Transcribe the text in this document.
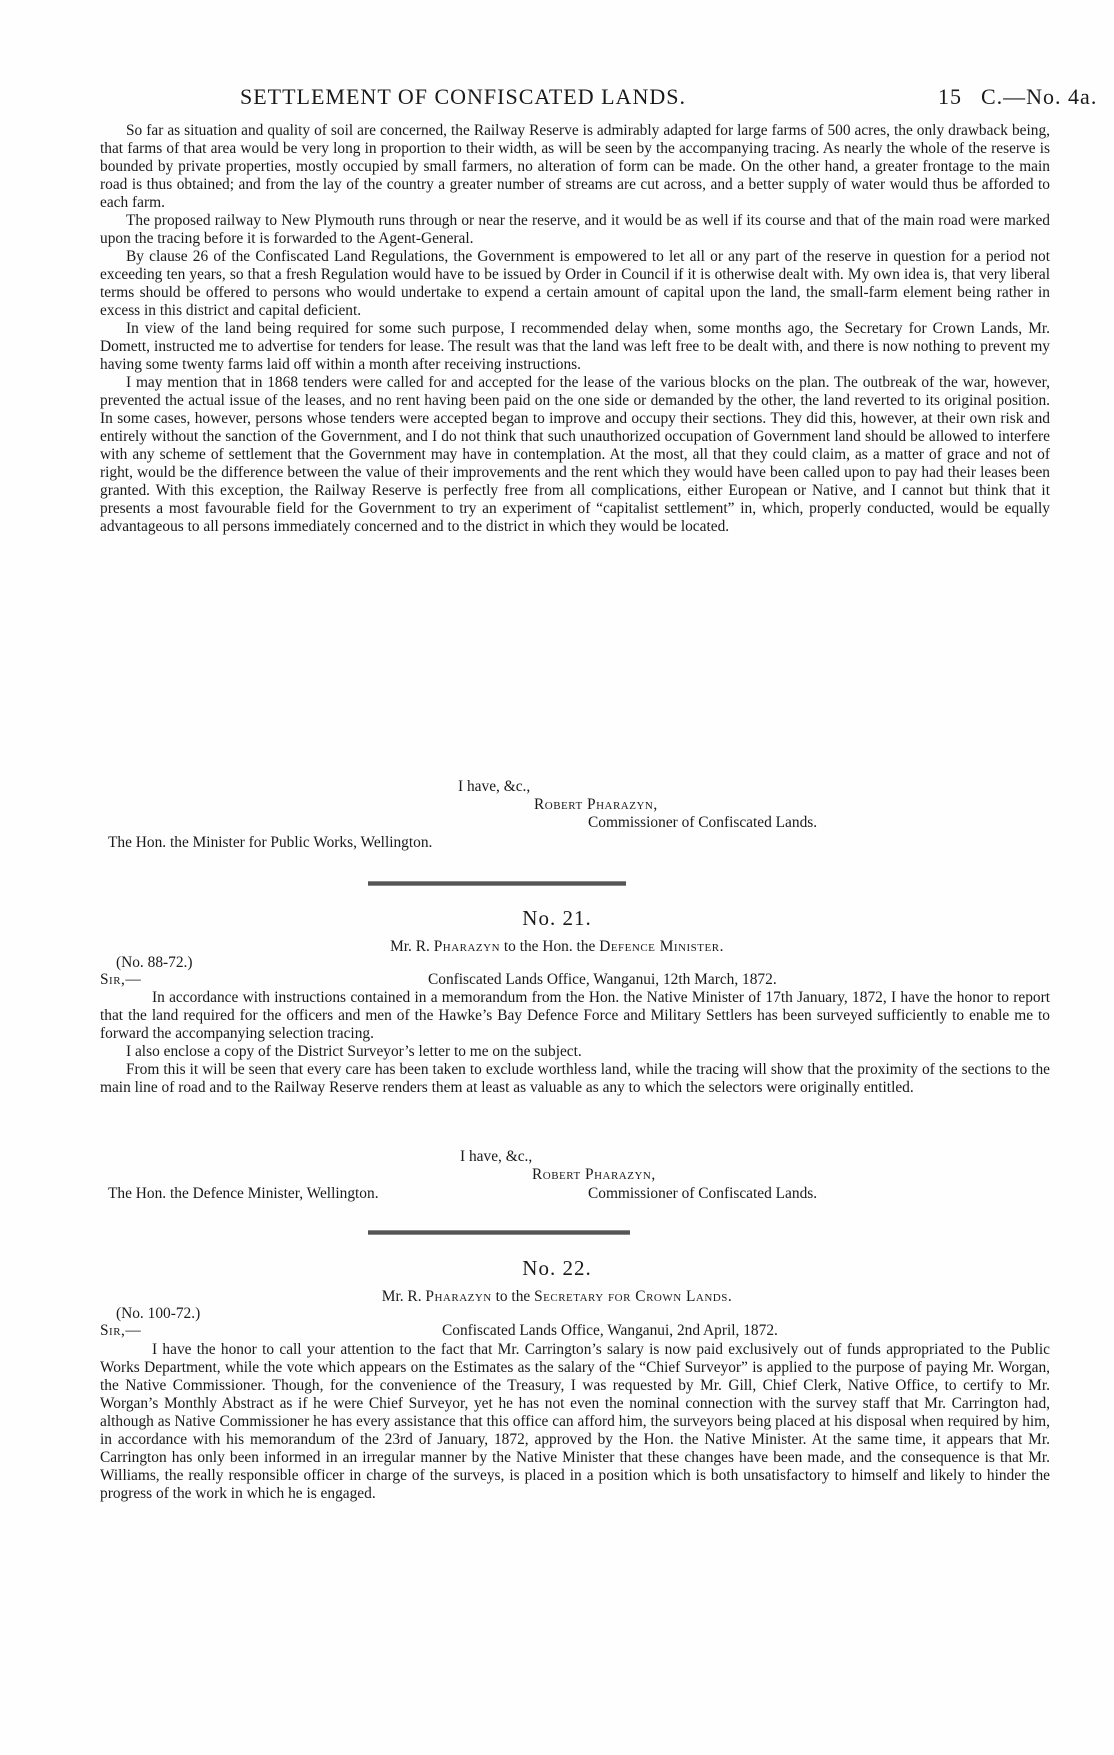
SETTLEMENT OF CONFISCATED LANDS.	15 C.—No. 4a.

So far as situation and quality of soil are concerned, the Railway Reserve is admirably adapted for large farms of 500 acres, the only drawback being, that farms of that area would be very long in proportion to their width, as will be seen by the accompanying tracing. As nearly the whole of the reserve is bounded by private properties, mostly occupied by small farmers, no alteration of form can be made. On the other hand, a greater frontage to the main road is thus obtained; and from the lay of the country a greater number of streams are cut across, and a better supply of water would thus be afforded to each farm.

The proposed railway to New Plymouth runs through or near the reserve, and it would be as well if its course and that of the main road were marked upon the tracing before it is forwarded to the Agent-General.

By clause 26 of the Confiscated Land Regulations, the Government is empowered to let all or any part of the reserve in question for a period not exceeding ten years, so that a fresh Regulation would have to be issued by Order in Council if it is otherwise dealt with. My own idea is, that very liberal terms should be offered to persons who would undertake to expend a certain amount of capital upon the land, the small-farm element being rather in excess in this district and capital deficient.

In view of the land being required for some such purpose, I recommended delay when, some months ago, the Secretary for Crown Lands, Mr. Domett, instructed me to advertise for tenders for lease. The result was that the land was left free to be dealt with, and there is now nothing to prevent my having some twenty farms laid off within a month after receiving instructions.

I may mention that in 1868 tenders were called for and accepted for the lease of the various blocks on the plan. The outbreak of the war, however, prevented the actual issue of the leases, and no rent having been paid on the one side or demanded by the other, the land reverted to its original position. In some cases, however, persons whose tenders were accepted began to improve and occupy their sections. They did this, however, at their own risk and entirely without the sanction of the Government, and I do not think that such unauthorized occupation of Government land should be allowed to interfere with any scheme of settlement that the Government may have in contemplation. At the most, all that they could claim, as a matter of grace and not of right, would be the difference between the value of their improvements and the rent which they would have been called upon to pay had their leases been granted. With this exception, the Railway Reserve is perfectly free from all complications, either European or Native, and I cannot but think that it presents a most favourable field for the Government to try an experiment of “capitalist settlement” in, which, properly conducted, would be equally advantageous to all persons immediately concerned and to the district in which they would be located.

I have, &c.,
Robert Pharazyn,
Commissioner of Confiscated Lands.
The Hon. the Minister for Public Works, Wellington.
No. 21.
Mr. R. Pharazyn to the Hon. the Defence Minister.
(No. 88-72.)
Sir,—	Confiscated Lands Office, Wanganui, 12th March, 1872.

In accordance with instructions contained in a memorandum from the Hon. the Native Minister of 17th January, 1872, I have the honor to report that the land required for the officers and men of the Hawke’s Bay Defence Force and Military Settlers has been surveyed sufficiently to enable me to forward the accompanying selection tracing.

I also enclose a copy of the District Surveyor’s letter to me on the subject.

From this it will be seen that every care has been taken to exclude worthless land, while the tracing will show that the proximity of the sections to the main line of road and to the Railway Reserve renders them at least as valuable as any to which the selectors were originally entitled.

I have, &c.,
Robert Pharazyn,
The Hon. the Defence Minister, Wellington.	Commissioner of Confiscated Lands.
No. 22.
Mr. R. Pharazyn to the Secretary for Crown Lands.
(No. 100-72.)
Sir,—	Confiscated Lands Office, Wanganui, 2nd April, 1872.

I have the honor to call your attention to the fact that Mr. Carrington’s salary is now paid exclusively out of funds appropriated to the Public Works Department, while the vote which appears on the Estimates as the salary of the “Chief Surveyor” is applied to the purpose of paying Mr. Worgan, the Native Commissioner. Though, for the convenience of the Treasury, I was requested by Mr. Gill, Chief Clerk, Native Office, to certify to Mr. Worgan’s Monthly Abstract as if he were Chief Surveyor, yet he has not even the nominal connection with the survey staff that Mr. Carrington had, although as Native Commissioner he has every assistance that this office can afford him, the surveyors being placed at his disposal when required by him, in accordance with his memorandum of the 23rd of January, 1872, approved by the Hon. the Native Minister. At the same time, it appears that Mr. Carrington has only been informed in an irregular manner by the Native Minister that these changes have been made, and the consequence is that Mr. Williams, the really responsible officer in charge of the surveys, is placed in a position which is both unsatisfactory to himself and likely to hinder the progress of the work in which he is engaged.
